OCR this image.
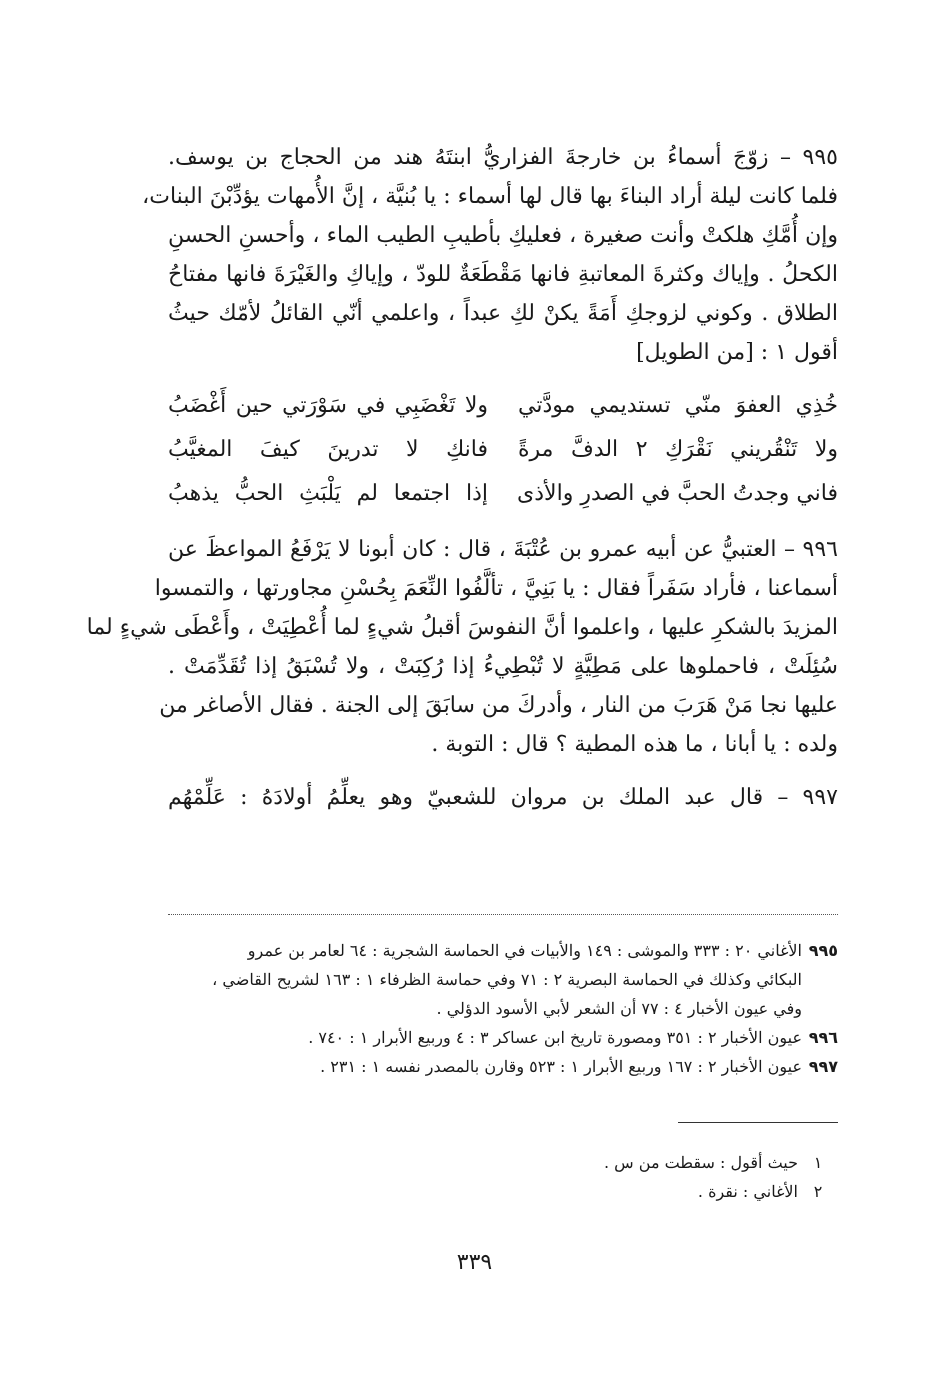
٩٩٥ – زوّجَ أسماءُ بن خارجةَ الفزاريُّ ابنتَهُ هند من الحجاج بن يوسف.

فلما كانت ليلة أراد البناءَ بها قال لها أسماء : يا بُنيَّة ، إنَّ الأُمهات يؤدِّبْنَ البنات،

وإن أُمَّكِ هلكتْ وأنت صغيرة ، فعليكِ بأطيبِ الطيب الماء ، وأحسنِ الحسنِ

الكحلُ . وإياك وكثرةَ المعاتبةِ فانها مَقْطَعَةٌ للودّ ، وإياكِ والغَيْرَةَ فانها مفتاحُ

الطلاق . وكوني لزوجكِ أَمَةً يكنْ لكِ عبداً ، واعلمي أنّي القائلُ لأمّك حيثُ

أقول ١ : [من الطويل]

خُذِي العفوَ منّي تستديمي مودَّتي
ولا تَغْضَبِي في سَوْرَتي حين أَغْضَبُ
ولا تَنْقُريني نَقْرَكِ ٢ الدفَّ مرةً
فانكِ لا تدرينَ كيفَ المغيَّبُ
فاني وجدتُ الحبَّ في الصدرِ والأذى
إذا اجتمعا لم يَلْبَثِ الحبُّ يذهبُ

٩٩٦ – العتبيُّ عن أبيه عمرو بن عُتْبَةَ ، قال : كان أبونا لا يَرْفَعُ المواعظَ عن

أسماعنا ، فأراد سَفَراً فقال : يا بَنِيَّ ، تألَّفُوا النِّعَمَ بِحُسْنِ مجاورتها ، والتمسوا

المزيدَ بالشكرِ عليها ، واعلموا أنَّ النفوسَ أقبلُ شيءٍ لما أُعْطِيَتْ ، وأَعْطَى شيءٍ لما

سُئِلَتْ ، فاحملوها على مَطِيَّةٍ لا تُبْطِيءُ إذا رُكِبَتْ ، ولا تُسْبَقُ إذا تُقَدِّمَتْ .

عليها نجا مَنْ هَرَبَ من النار ، وأدركَ من سابَقَ إلى الجنة . فقال الأصاغر من

ولده : يا أبانا ، ما هذه المطية ؟ قال : التوبة .

٩٩٧ – قال عبد الملك بن مروان للشعبيّ وهو يعلِّمُ أولادَهُ : عَلِّمْهُم

٩٩٥

الأغاني ٢٠ : ٣٣٣ والموشى : ١٤٩ والأبيات في الحماسة الشجرية : ٦٤ لعامر بن عمرو

البكائي وكذلك في الحماسة البصرية ٢ : ٧١ وفي حماسة الظرفاء ١ : ١٦٣ لشريح القاضي ،

وفي عيون الأخبار ٤ : ٧٧ أن الشعر لأبي الأسود الدؤلي .

٩٩٦

عيون الأخبار ٢ : ٣٥١ ومصورة تاريخ ابن عساكر ٣ : ٤ وربيع الأبرار ١ : ٧٤٠ .

٩٩٧

عيون الأخبار ٢ : ١٦٧ وربيع الأبرار ١ : ٥٢٣ وقارن بالمصدر نفسه ١ : ٢٣١ .

١
حيث أقول : سقطت من س .
٢
الأغاني : نقرة .
٣٣٩
